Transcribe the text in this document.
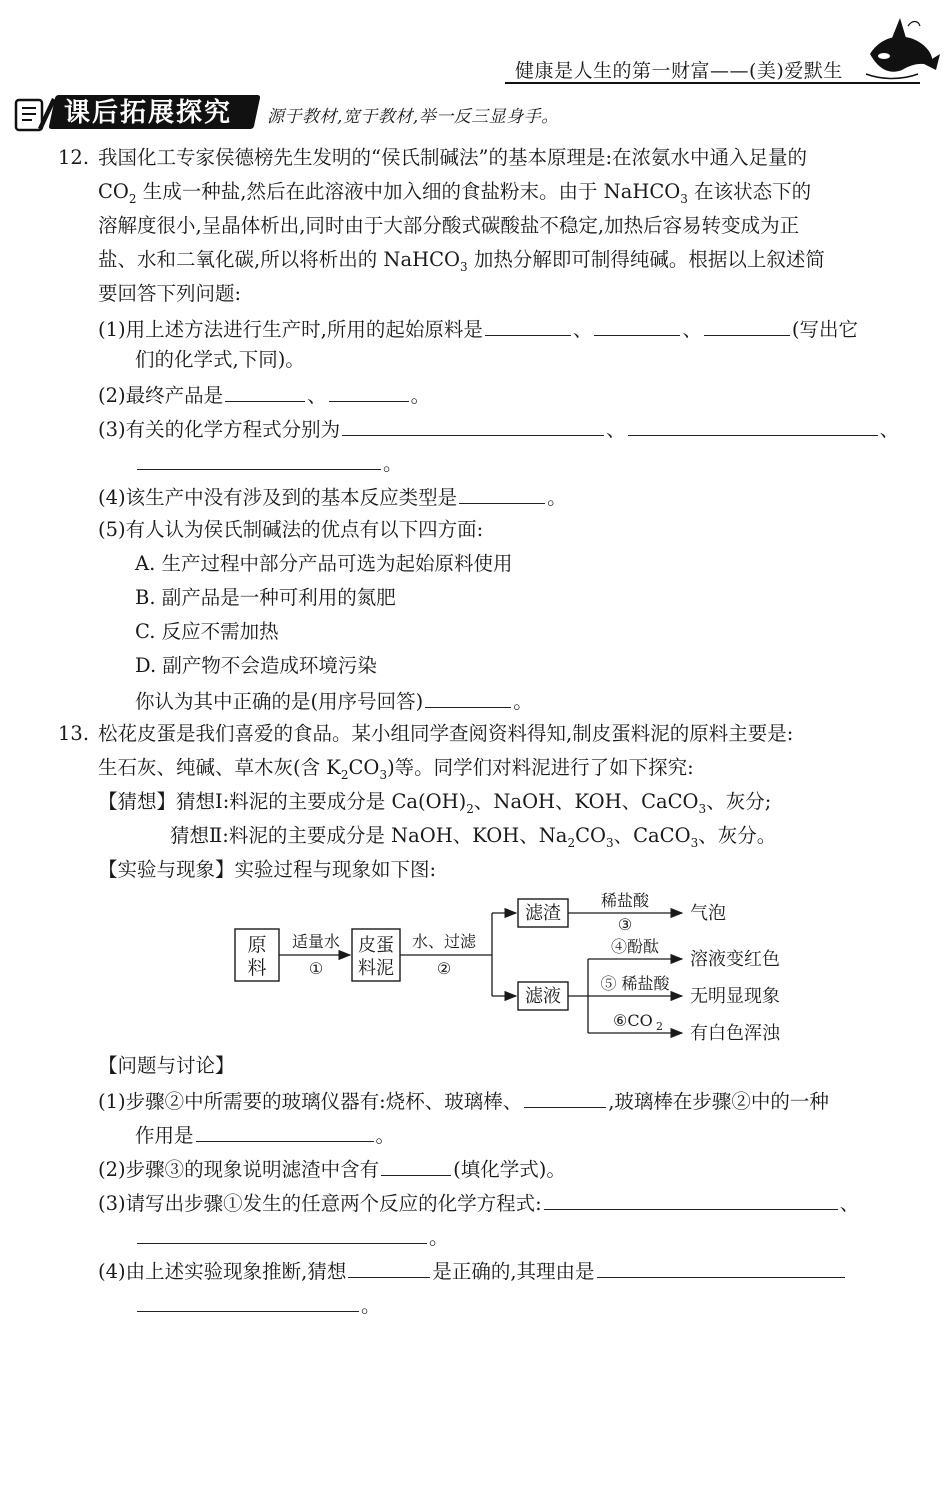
健康是人生的第一财富——(美)爱默生
课后拓展探究	源于教材,宽于教材,举一反三显身手。
12. 我国化工专家侯德榜先生发明的“侯氏制碱法”的基本原理是:在浓氨水中通入足量的
$CO_2$ 生成一种盐,然后在此溶液中加入细的食盐粉末。由于 NaHCO$_3$ 在该状态下的
溶解度很小,呈晶体析出,同时由于大部分酸式碳酸盐不稳定,加热后容易转变成为正
盐、水和二氧化碳,所以将析出的 NaHCO$_3$ 加热分解即可制得纯碱。根据以上叙述简
要回答下列问题:
(1)用上述方法进行生产时,所用的起始原料是	、	、	(写出它
们的化学式,下同)。
(2)最终产品是	、	。
(3)有关的化学方程式分别为	、	、
。
(4)该生产中没有涉及到的基本反应类型是	。
(5)有人认为侯氏制碱法的优点有以下四方面:
A. 生产过程中部分产品可选为起始原料使用
B. 副产品是一种可利用的氮肥
C. 反应不需加热
D. 副产物不会造成环境污染
你认为其中正确的是(用序号回答)	。
13. 松花皮蛋是我们喜爱的食品。某小组同学查阅资料得知,制皮蛋料泥的原料主要是:
生石灰、纯碱、草木灰(含 $K_2CO_3$)等。同学们对料泥进行了如下探究:
【猜想】猜想Ⅰ:料泥的主要成分是 $Ca(OH)_2$、NaOH、KOH、CaCO$_3$、灰分;
猜想Ⅱ:料泥的主要成分是 NaOH、KOH、$Na_2CO_3$、CaCO$_3$、灰分。
【实验与现象】实验过程与现象如下图:
原
料
适量水
①
皮蛋
料泥
水、过滤
②
滤渣
稀盐酸
③
气泡
滤液
④酚酞
溶液变红色
⑤ 稀盐酸
无明显现象
⑥CO 2 有白色浑浊
【问题与讨论】
(1)步骤②中所需要的玻璃仪器有:烧杯、玻璃棒、	,玻璃棒在步骤②中的一种
作用是	。
(2)步骤③的现象说明滤渣中含有	(填化学式)。
(3)请写出步骤①发生的任意两个反应的化学方程式:	、
。
(4)由上述实验现象推断,猜想	是正确的,其理由是
。
